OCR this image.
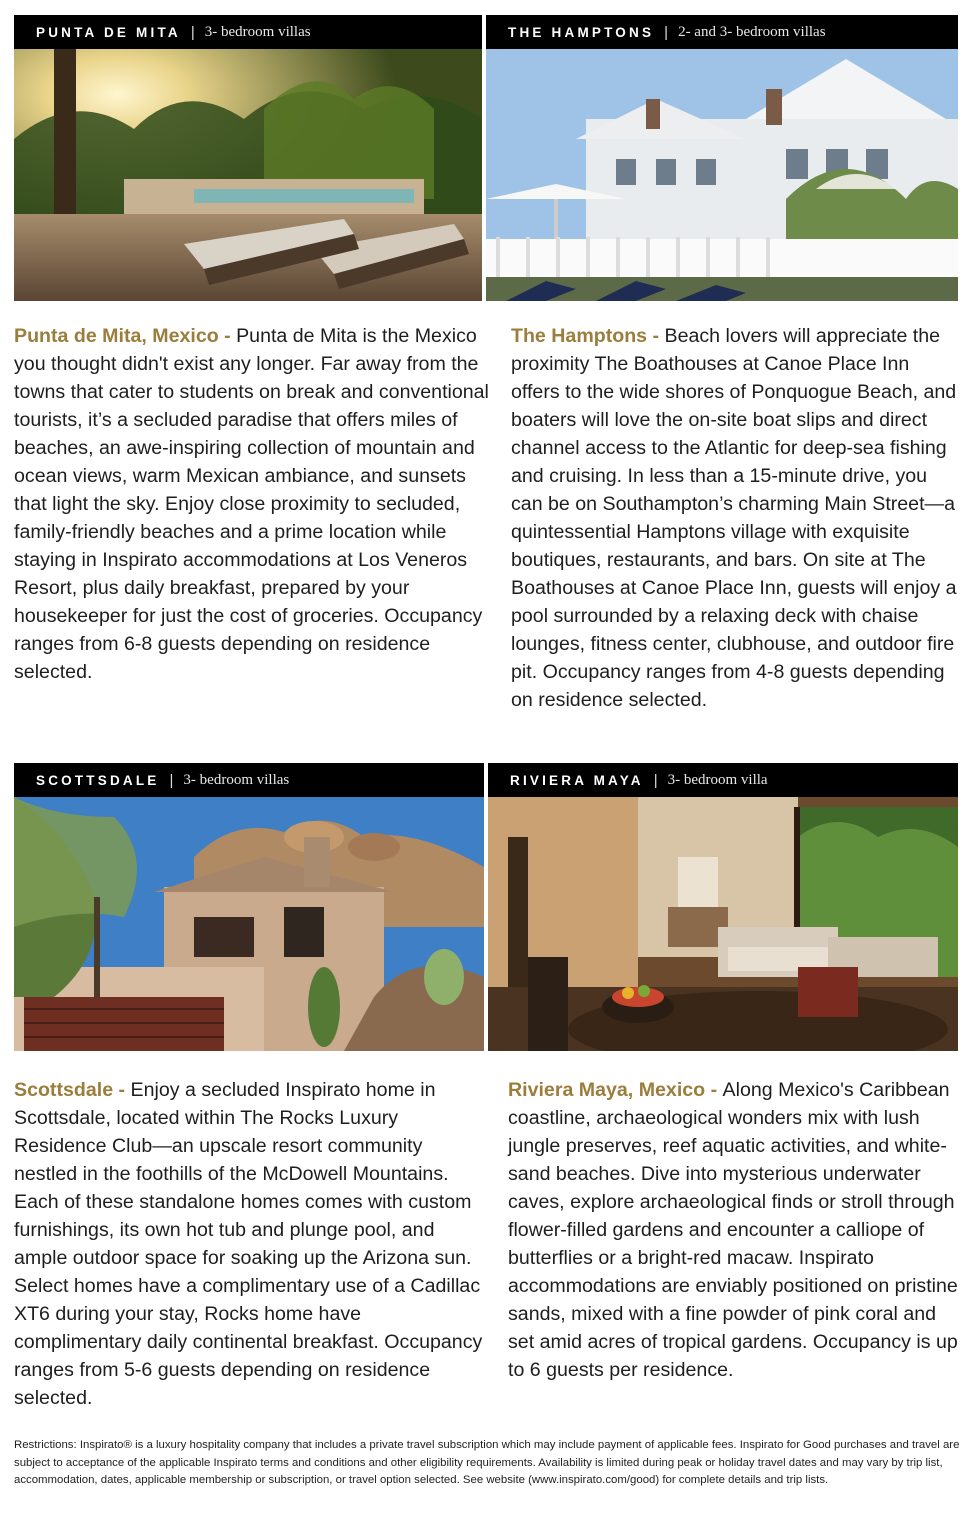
PUNTA DE MITA | 3- bedroom villas	THE HAMPTONS | 2- and 3- bedroom villas
Punta de Mita, Mexico - Punta de Mita is the Mexico you thought didn't exist any longer. Far away from the towns that cater to students on break and conventional tourists, it’s a secluded paradise that offers miles of beaches, an awe-inspiring collection of mountain and ocean views, warm Mexican ambiance, and sunsets that light the sky. Enjoy close proximity to secluded, family-friendly beaches and a prime location while staying in Inspirato accommodations at Los Veneros Resort, plus daily breakfast, prepared by your housekeeper for just the cost of groceries. Occupancy ranges from 6-8 guests depending on residence selected.
The Hamptons - Beach lovers will appreciate the proximity The Boathouses at Canoe Place Inn offers to the wide shores of Ponquogue Beach, and boaters will love the on-site boat slips and direct channel access to the Atlantic for deep-sea fishing and cruising. In less than a 15-minute drive, you can be on Southampton’s charming Main Street—a quintessential Hamptons village with exquisite boutiques, restaurants, and bars. On site at The Boathouses at Canoe Place Inn, guests will enjoy a pool surrounded by a relaxing deck with chaise lounges, fitness center, clubhouse, and outdoor fire pit. Occupancy ranges from 4-8 guests depending on residence selected.
SCOTTSDALE | 3- bedroom villas	RIVIERA MAYA | 3- bedroom villa
Scottsdale - Enjoy a secluded Inspirato home in Scottsdale, located within The Rocks Luxury Residence Club—an upscale resort community nestled in the foothills of the McDowell Mountains. Each of these standalone homes comes with custom furnishings, its own hot tub and plunge pool, and ample outdoor space for soaking up the Arizona sun. Select homes have a complimentary use of a Cadillac XT6 during your stay, Rocks home have complimentary daily continental breakfast. Occupancy ranges from 5-6 guests depending on residence selected.
Riviera Maya, Mexico - Along Mexico's Caribbean coastline, archaeological wonders mix with lush jungle preserves, reef aquatic activities, and white-sand beaches. Dive into mysterious underwater caves, explore archaeological finds or stroll through flower-filled gardens and encounter a calliope of butterflies or a bright-red macaw. Inspirato accommodations are enviably positioned on pristine sands, mixed with a fine powder of pink coral and set amid acres of tropical gardens. Occupancy is up to 6 guests per residence.
Restrictions: Inspirato® is a luxury hospitality company that includes a private travel subscription which may include payment of applicable fees. Inspirato for Good purchases and travel are subject to acceptance of the applicable Inspirato terms and conditions and other eligibility requirements. Availability is limited during peak or holiday travel dates and may vary by trip list, accommodation, dates, applicable membership or subscription, or travel option selected. See website (www.inspirato.com/good) for complete details and trip lists.
